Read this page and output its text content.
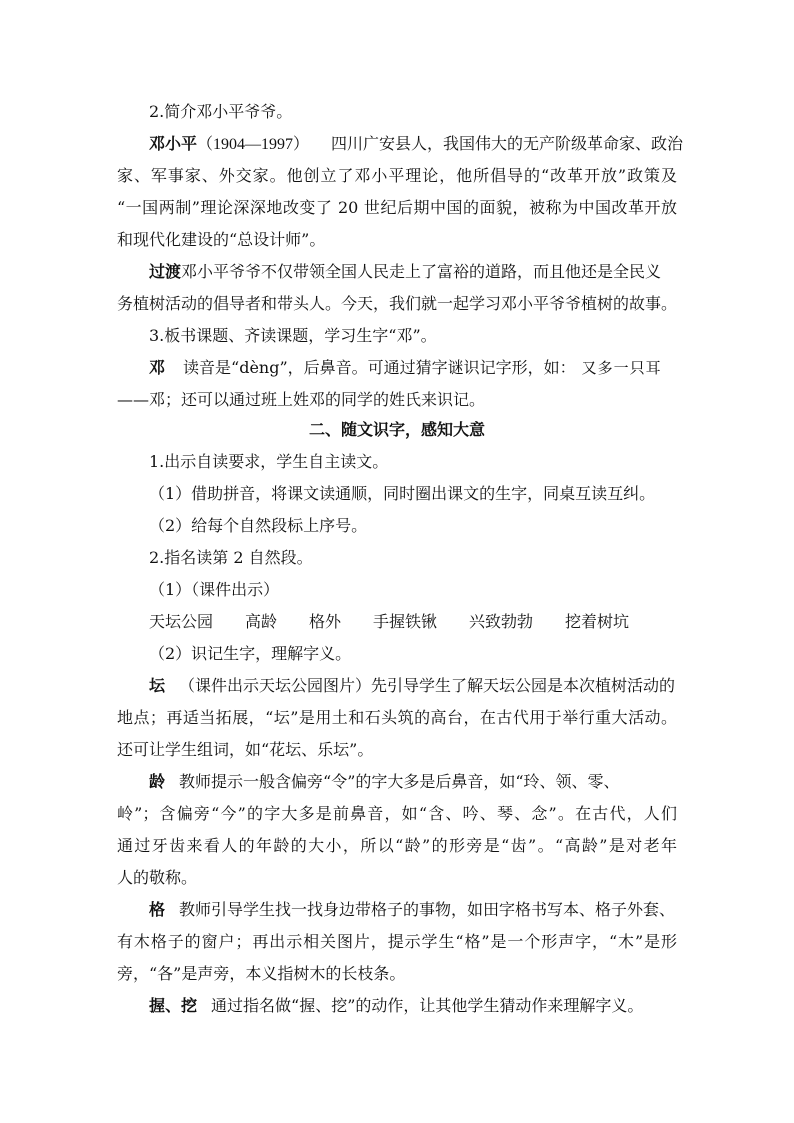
2.简介邓小平爷爷。
邓小平（1904—1997） 四川广安县人，我国伟大的无产阶级革命家、政治
家、军事家、外交家。他创立了邓小平理论，他所倡导的“改革开放”政策及
“一国两制”理论深深地改变了 20 世纪后期中国的面貌，被称为中国改革开放
和现代化建设的“总设计师”。
过渡邓小平爷爷不仅带领全国人民走上了富裕的道路，而且他还是全民义
务植树活动的倡导者和带头人。今天，我们就一起学习邓小平爷爷植树的故事。
3.板书课题、齐读课题，学习生字“邓”。
邓 读音是“dèng”，后鼻音。可通过猜字谜识记字形，如： 又多一只耳
——邓；还可以通过班上姓邓的同学的姓氏来识记。
二、随文识字，感知大意
1.出示自读要求，学生自主读文。
（1）借助拼音，将课文读通顺，同时圈出课文的生字，同桌互读互纠。
（2）给每个自然段标上序号。
2.指名读第 2 自然段。
（1）（课件出示）
天坛公园 高龄 格外 手握铁锹 兴致勃勃 挖着树坑
（2）识记生字，理解字义。
坛 （课件出示天坛公园图片）先引导学生了解天坛公园是本次植树活动的
地点；再适当拓展，“坛”是用土和石头筑的高台，在古代用于举行重大活动。
还可让学生组词，如“花坛、乐坛”。
龄 教师提示一般含偏旁“令”的字大多是后鼻音，如“玲、领、零、
岭”；含偏旁“今”的字大多是前鼻音，如“含、吟、琴、念”。在古代，人们
通过牙齿来看人的年龄的大小，所以“龄”的形旁是“齿”。“高龄”是对老年
人的敬称。
格 教师引导学生找一找身边带格子的事物，如田字格书写本、格子外套、
有木格子的窗户；再出示相关图片，提示学生“格”是一个形声字，“木”是形
旁，“各”是声旁，本义指树木的长枝条。
握、挖 通过指名做“握、挖”的动作，让其他学生猜动作来理解字义。
